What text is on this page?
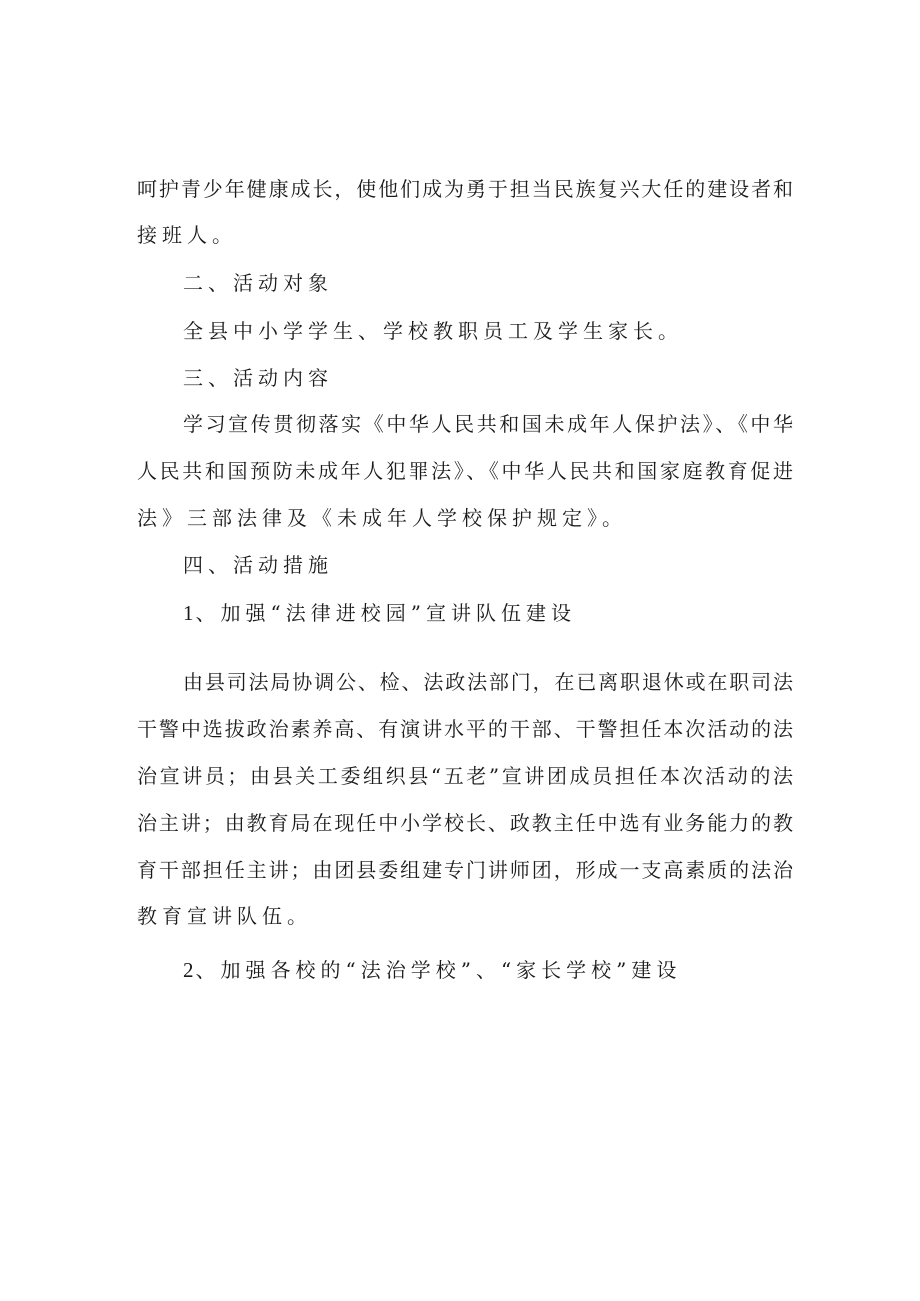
呵护青少年健康成长，使他们成为勇于担当民族复兴大任的建设者和
接班人。
二、活动对象
全县中小学学生、学校教职员工及学生家长。
三、活动内容
学习宣传贯彻落实《中华人民共和国未成年人保护法》、《中华
人民共和国预防未成年人犯罪法》、《中华人民共和国家庭教育促进
法》三部法律及《未成年人学校保护规定》。
四、活动措施
1 、加强“法律进校园”宣讲队伍建设
由县司法局协调公、检、法政法部门，在已离职退休或在职司法
干警中选拔政治素养高、有演讲水平的干部、干警担任本次活动的法
治宣讲员；由县关工委组织县“五老”宣讲团成员担任本次活动的法
治主讲；由教育局在现任中小学校长、政教主任中选有业务能力的教
育干部担任主讲；由团县委组建专门讲师团，形成一支高素质的法治
教育宣讲队伍。
2 、加强各校的“法治学校”、“家长学校”建设
